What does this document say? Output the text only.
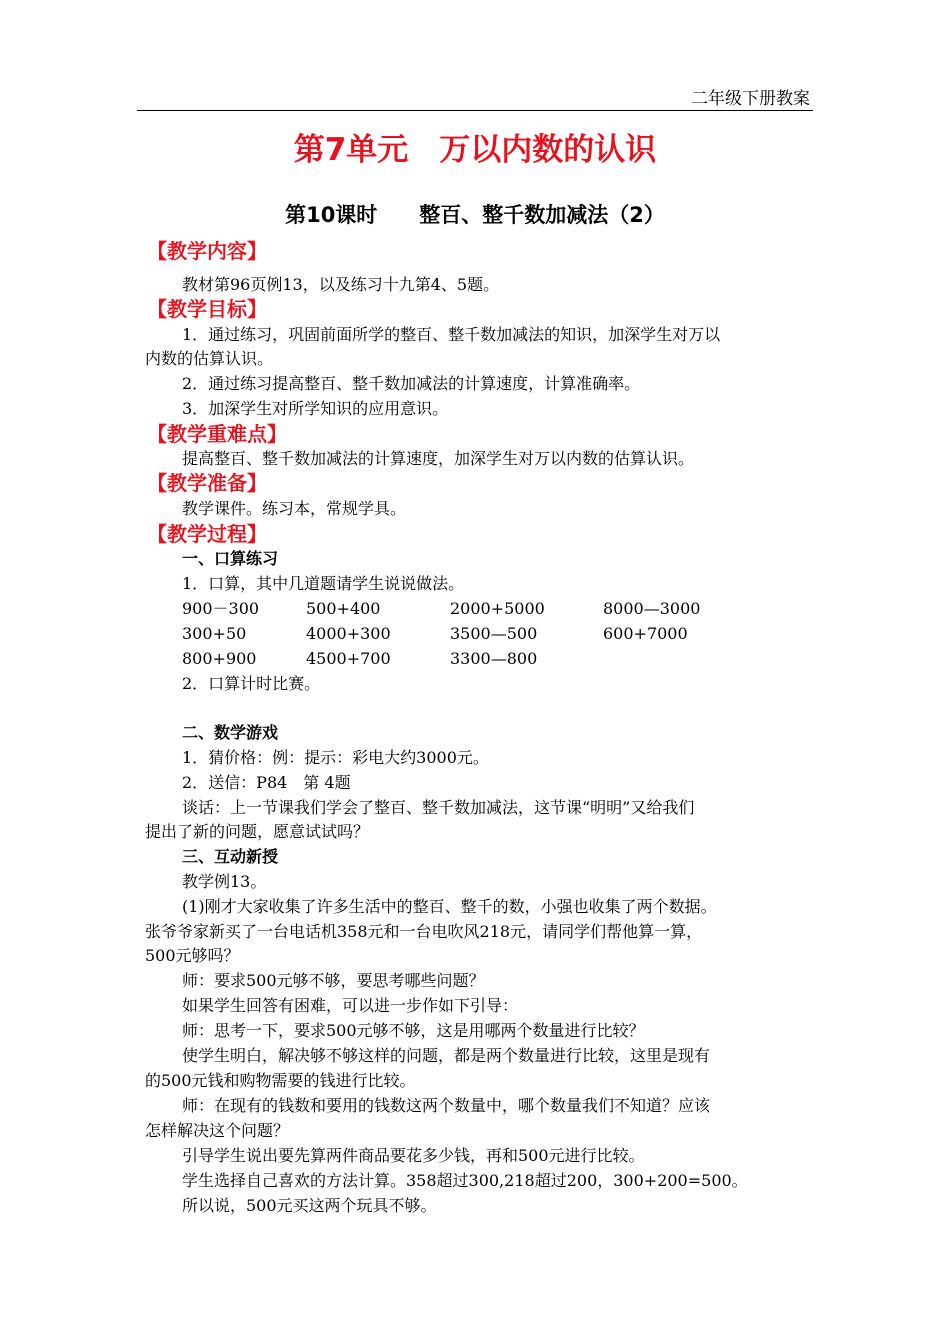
二年级下册教案
第7单元　万以内数的认识
第10课时　　整百、整千数加减法（2）
【教学内容】
教材第96页例13，以及练习十九第4、5题。
【教学目标】
1．通过练习，巩固前面所学的整百、整千数加减法的知识，加深学生对万以
内数的估算认识。
2．通过练习提高整百、整千数加减法的计算速度，计算准确率。
3．加深学生对所学知识的应用意识。
【教学重难点】
提高整百、整千数加减法的计算速度，加深学生对万以内数的估算认识。
【教学准备】
教学课件。练习本，常规学具。
【教学过程】
一、口算练习
1．口算，其中几道题请学生说说做法。
900－300	500+400	2000+5000	8000—3000
300+50	4000+300	3500—500	600+7000
800+900	4500+700	3300—800
2．口算计时比赛。
二、数学游戏
1．猜价格：例：提示：彩电大约3000元。
2．送信：P84　第 4题
谈话：上一节课我们学会了整百、整千数加减法，这节课“明明”又给我们
提出了新的问题，愿意试试吗？
三、互动新授
教学例13。
(1)刚才大家收集了许多生活中的整百、整千的数，小强也收集了两个数据。
张爷爷家新买了一台电话机358元和一台电吹风218元，请同学们帮他算一算，
500元够吗？
师：要求500元够不够，要思考哪些问题？
如果学生回答有困难，可以进一步作如下引导：
师：思考一下，要求500元够不够，这是用哪两个数量进行比较？
使学生明白，解决够不够这样的问题，都是两个数量进行比较，这里是现有
的500元钱和购物需要的钱进行比较。
师：在现有的钱数和要用的钱数这两个数量中，哪个数量我们不知道？应该
怎样解决这个问题？
引导学生说出要先算两件商品要花多少钱，再和500元进行比较。
学生选择自己喜欢的方法计算。358超过300,218超过200，300+200=500。
所以说，500元买这两个玩具不够。
